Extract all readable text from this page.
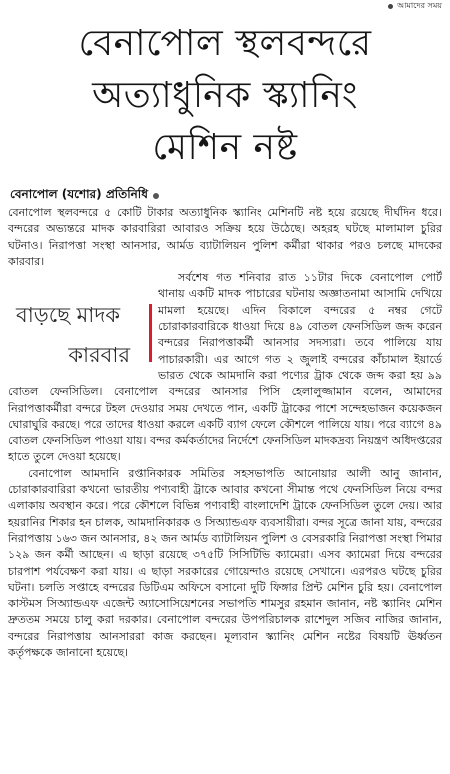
আমাদের সময়
বেনাপোল স্থলবন্দরে
অত্যাধুনিক স্ক্যানিং
মেশিন নষ্ট
বেনাপোল (যশোর) প্রতিনিধি

বেনাপোল স্থলবন্দরে ৫ কোটি টাকার অত্যাধুনিক স্ক্যানিং মেশিনটি নষ্ট হয়ে রয়েছে দীর্ঘদিন ধরে। বন্দরের অভ্যন্তরে মাদক কারবারিরা আবারও সক্রিয় হয়ে উঠেছে। অহরহ ঘটছে মালামাল চুরির ঘটনাও। নিরাপত্তা সংস্থা আনসার, আর্মড ব্যাটালিয়ন পুলিশ কর্মীরা থাকার পরও চলছে মাদকের কারবার।

বাড়ছে মাদক
কারবার

সর্বশেষ গত শনিবার রাত ১১টার দিকে বেনাপোল পোর্ট থানায় একটি মাদক পাচারের ঘটনায় অজ্ঞাতনামা আসামি দেখিয়ে মামলা হয়েছে। এদিন বিকালে বন্দরের ৫ নম্বর গেটে চোরাকারবারিকে ধাওয়া দিয়ে ৪৯ বোতল ফেনসিডিল জব্দ করেন বন্দরের নিরাপত্তাকর্মী আনসার সদস্যরা। তবে পালিয়ে যায় পাচারকারী। এর আগে গত ২ জুলাই বন্দরের কাঁচামাল ইয়ার্ডে ভারত থেকে আমদানি করা পণ্যের ট্রাক থেকে জব্দ করা হয় ৯৯ বোতল ফেনসিডিল। বেনাপোল বন্দরের আনসার পিসি হেলালুজ্জামান বলেন, আমাদের নিরাপত্তাকর্মীরা বন্দরে টহল দেওয়ার সময় দেখতে পান, একটি ট্রাকের পাশে সন্দেহভাজন কয়েকজন ঘোরাঘুরি করছে। পরে তাদের ধাওয়া করলে একটি ব্যাগ ফেলে কৌশলে পালিয়ে যায়। পরে ব্যাগে ৪৯ বোতল ফেনসিডিল পাওয়া যায়। বন্দর কর্মকর্তাদের নির্দেশে ফেনসিডিল মাদকদ্রব্য নিয়ন্ত্রণ অধিদপ্তরের হাতে তুলে দেওয়া হয়েছে।

বেনাপোল আমদানি রপ্তানিকারক সমিতির সহসভাপতি আনোয়ার আলী আনু জানান, চোরাকারবারিরা কখনো ভারতীয় পণ্যবাহী ট্রাকে আবার কখনো সীমান্ত পথে ফেনসিডিল নিয়ে বন্দর এলাকায় অবস্থান করে। পরে কৌশলে বিভিন্ন পণ্যবাহী বাংলাদেশি ট্রাকে ফেনসিডিল তুলে দেয়। আর হয়রানির শিকার হন চালক, আমদানিকারক ও সিঅ্যান্ডএফ ব্যবসায়ীরা। বন্দর সূত্রে জানা যায়, বন্দরের নিরাপত্তায় ১৬৩ জন আনসার, ৪২ জন আর্মড ব্যাটালিয়ন পুলিশ ও বেসরকারি নিরাপত্তা সংস্থা পিমার ১২৯ জন কর্মী আছেন। এ ছাড়া রয়েছে ৩৭৫টি সিসিটিভি ক্যামেরা। এসব ক্যামেরা দিয়ে বন্দরের চারপাশ পর্যবেক্ষণ করা যায়। এ ছাড়া সরকারের গোয়েন্দাও রয়েছে সেখানে। এরপরও ঘটছে চুরির ঘটনা। চলতি সপ্তাহে বন্দরের ডিটিএম অফিসে বসানো দুটি ফিঙ্গার প্রিন্ট মেশিন চুরি হয়। বেনাপোল কাস্টমস সিঅ্যান্ডএফ এজেন্ট অ্যাসোসিয়েশনের সভাপতি শামসুর রহমান জানান, নষ্ট স্ক্যানিং মেশিন দ্রুততম সময়ে চালু করা দরকার। বেনাপোল বন্দরের উপপরিচালক রাশেদুল সজিব নাজির জানান, বন্দরের নিরাপত্তায় আনসাররা কাজ করছেন। মূল্যবান স্ক্যানিং মেশিন নষ্টের বিষয়টি ঊর্ধ্বতন কর্তৃপক্ষকে জানানো হয়েছে।
